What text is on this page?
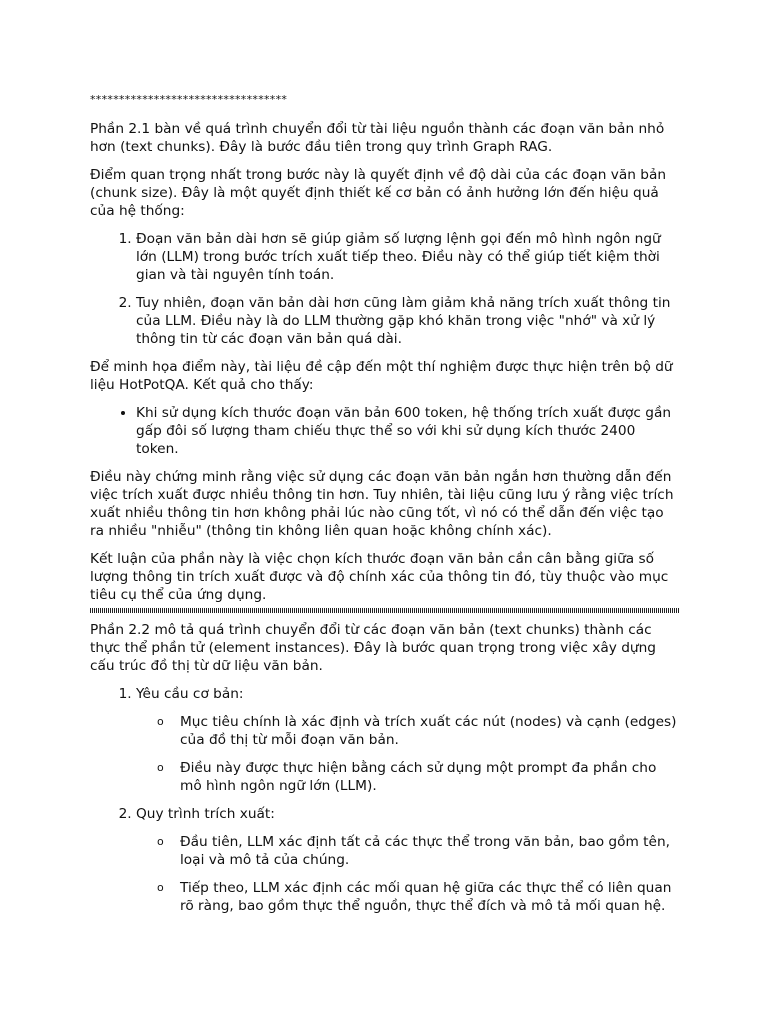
**********************************

Phần 2.1 bàn về quá trình chuyển đổi từ tài liệu nguồn thành các đoạn văn bản nhỏ hơn (text chunks). Đây là bước đầu tiên trong quy trình Graph RAG.

Điểm quan trọng nhất trong bước này là quyết định về độ dài của các đoạn văn bản (chunk size). Đây là một quyết định thiết kế cơ bản có ảnh hưởng lớn đến hiệu quả của hệ thống:

1. Đoạn văn bản dài hơn sẽ giúp giảm số lượng lệnh gọi đến mô hình ngôn ngữ lớn (LLM) trong bước trích xuất tiếp theo. Điều này có thể giúp tiết kiệm thời gian và tài nguyên tính toán.
2. Tuy nhiên, đoạn văn bản dài hơn cũng làm giảm khả năng trích xuất thông tin của LLM. Điều này là do LLM thường gặp khó khăn trong việc "nhớ" và xử lý thông tin từ các đoạn văn bản quá dài.

Để minh họa điểm này, tài liệu đề cập đến một thí nghiệm được thực hiện trên bộ dữ liệu HotPotQA. Kết quả cho thấy:

• Khi sử dụng kích thước đoạn văn bản 600 token, hệ thống trích xuất được gần gấp đôi số lượng tham chiếu thực thể so với khi sử dụng kích thước 2400 token.

Điều này chứng minh rằng việc sử dụng các đoạn văn bản ngắn hơn thường dẫn đến việc trích xuất được nhiều thông tin hơn. Tuy nhiên, tài liệu cũng lưu ý rằng việc trích xuất nhiều thông tin hơn không phải lúc nào cũng tốt, vì nó có thể dẫn đến việc tạo ra nhiều "nhiễu" (thông tin không liên quan hoặc không chính xác).

Kết luận của phần này là việc chọn kích thước đoạn văn bản cần cân bằng giữa số lượng thông tin trích xuất được và độ chính xác của thông tin đó, tùy thuộc vào mục tiêu cụ thể của ứng dụng.

Phần 2.2 mô tả quá trình chuyển đổi từ các đoạn văn bản (text chunks) thành các thực thể phần tử (element instances). Đây là bước quan trọng trong việc xây dựng cấu trúc đồ thị từ dữ liệu văn bản.

1. Yêu cầu cơ bản:
o Mục tiêu chính là xác định và trích xuất các nút (nodes) và cạnh (edges) của đồ thị từ mỗi đoạn văn bản.
o Điều này được thực hiện bằng cách sử dụng một prompt đa phần cho mô hình ngôn ngữ lớn (LLM).
2. Quy trình trích xuất:
o Đầu tiên, LLM xác định tất cả các thực thể trong văn bản, bao gồm tên, loại và mô tả của chúng.
o Tiếp theo, LLM xác định các mối quan hệ giữa các thực thể có liên quan rõ ràng, bao gồm thực thể nguồn, thực thể đích và mô tả mối quan hệ.
